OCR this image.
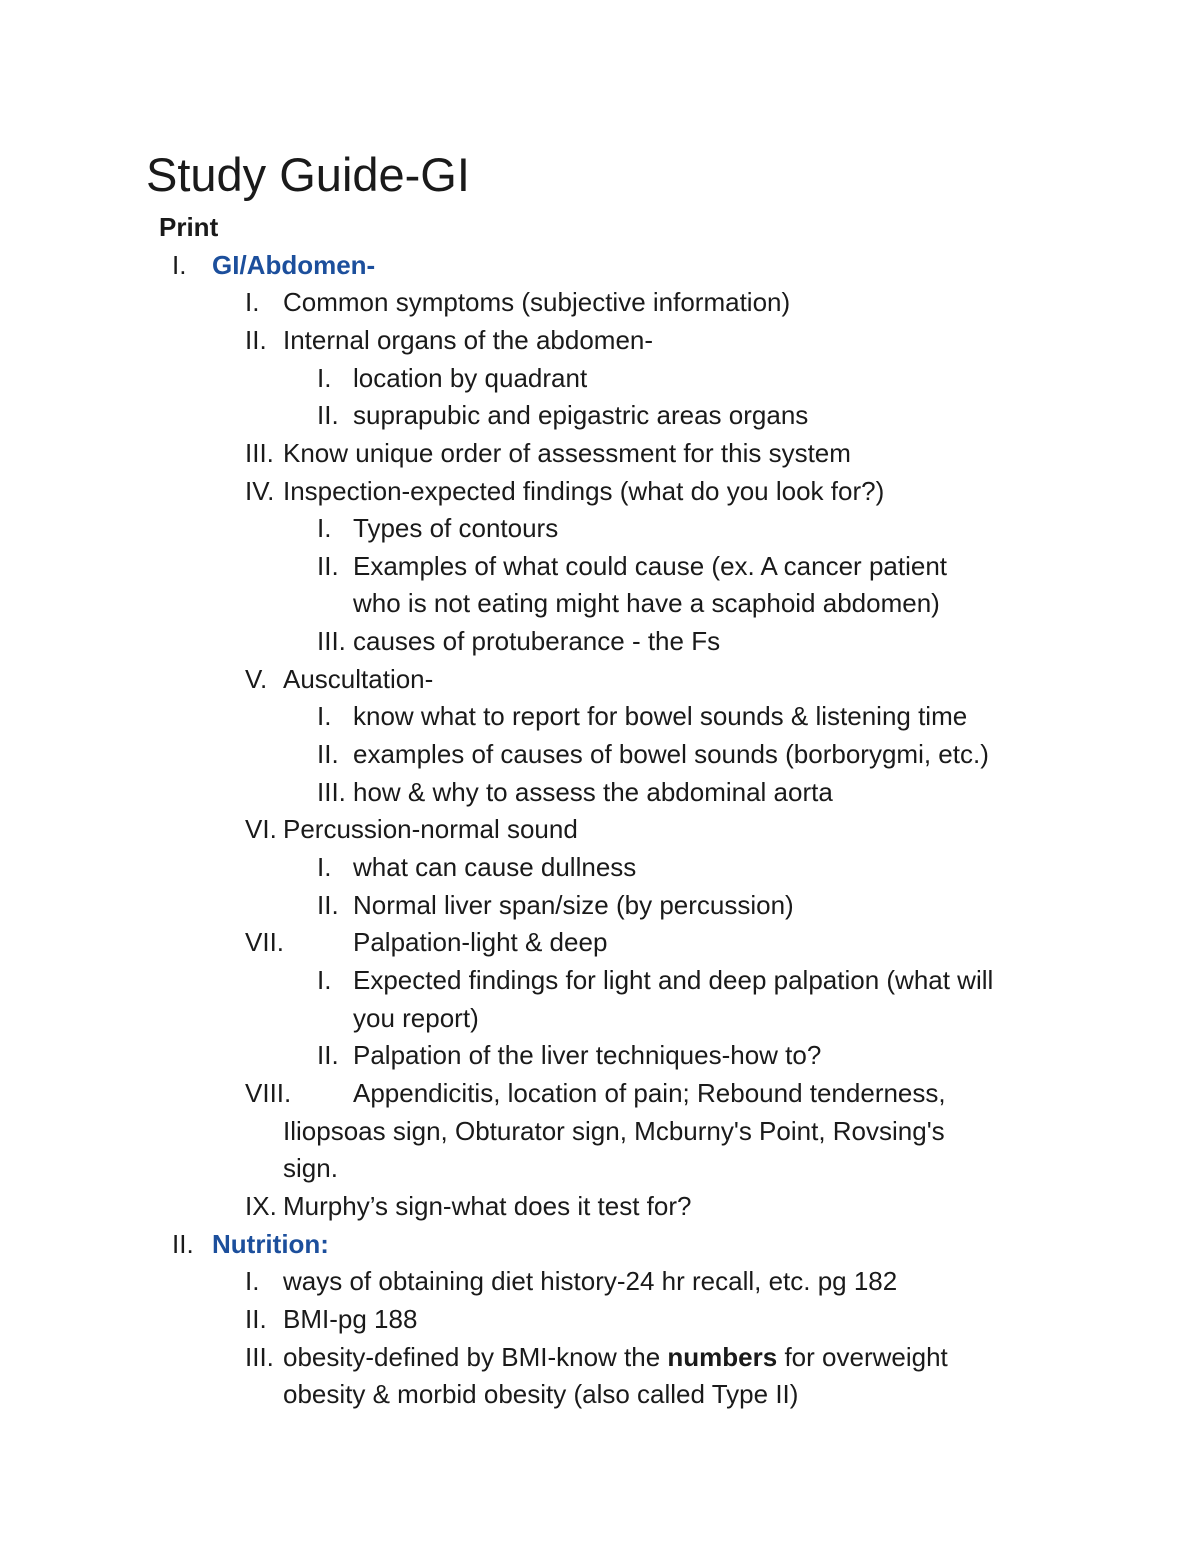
Study Guide-GI
Print
I. GI/Abdomen-
I. Common symptoms (subjective information)
II. Internal organs of the abdomen-
I. location by quadrant
II. suprapubic and epigastric areas organs
III. Know unique order of assessment for this system
IV. Inspection-expected findings (what do you look for?)
I. Types of contours
II. Examples of what could cause (ex. A cancer patient
who is not eating might have a scaphoid abdomen)
III. causes of protuberance - the Fs
V. Auscultation-
I. know what to report for bowel sounds & listening time
II. examples of causes of bowel sounds (borborygmi, etc.)
III. how & why to assess the abdominal aorta
VI. Percussion-normal sound
I. what can cause dullness
II. Normal liver span/size (by percussion)
VII.	Palpation-light & deep
I. Expected findings for light and deep palpation (what will
you report)
II. Palpation of the liver techniques-how to?
VIII. Appendicitis, location of pain; Rebound tenderness,
Iliopsoas sign, Obturator sign, Mcburny's Point, Rovsing's
sign.
IX. Murphy’s sign-what does it test for?
II. Nutrition:
I. ways of obtaining diet history-24 hr recall, etc. pg 182
II. BMI-pg 188
III. obesity-defined by BMI-know the numbers for overweight
obesity & morbid obesity (also called Type II)
